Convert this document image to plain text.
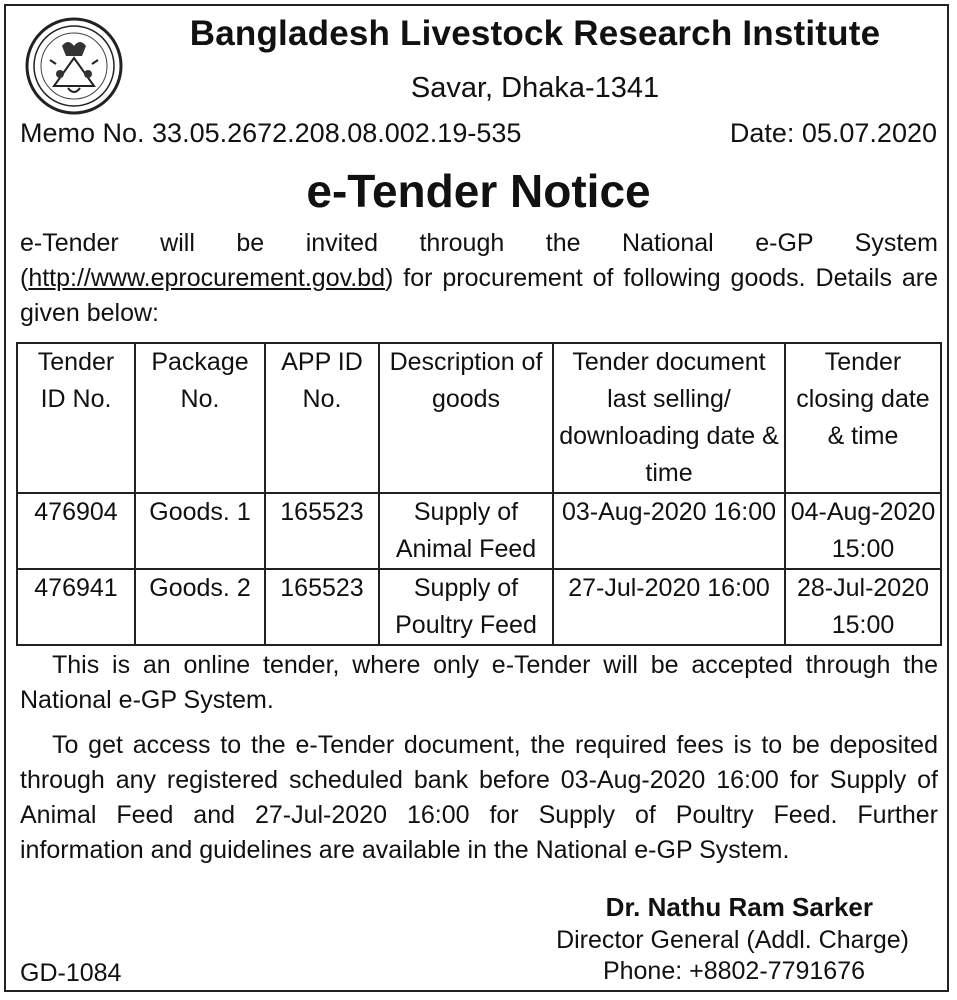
Bangladesh Livestock Research Institute
Savar, Dhaka-1341
Memo No. 33.05.2672.208.08.002.19-535	Date: 05.07.2020
e-Tender Notice

e-Tender will be invited through the National e-GP System (http://www.eprocurement.gov.bd) for procurement of following goods. Details are given below:

Tender ID No.	Package No.	APP ID No.	Description of goods	Tender document last selling/ downloading date & time	Tender closing date & time
476904	Goods. 1	165523	Supply of Animal Feed	03-Aug-2020 16:00	04-Aug-2020 15:00
476941	Goods. 2	165523	Supply of Poultry Feed	27-Jul-2020 16:00	28-Jul-2020 15:00

This is an online tender, where only e-Tender will be accepted through the National e-GP System.

To get access to the e-Tender document, the required fees is to be deposited through any registered scheduled bank before 03-Aug-2020 16:00 for Supply of Animal Feed and 27-Jul-2020 16:00 for Supply of Poultry Feed. Further information and guidelines are available in the National e-GP System.

Dr. Nathu Ram Sarker
Director General (Addl. Charge)
Phone: +8802-7791676
GD-1084
